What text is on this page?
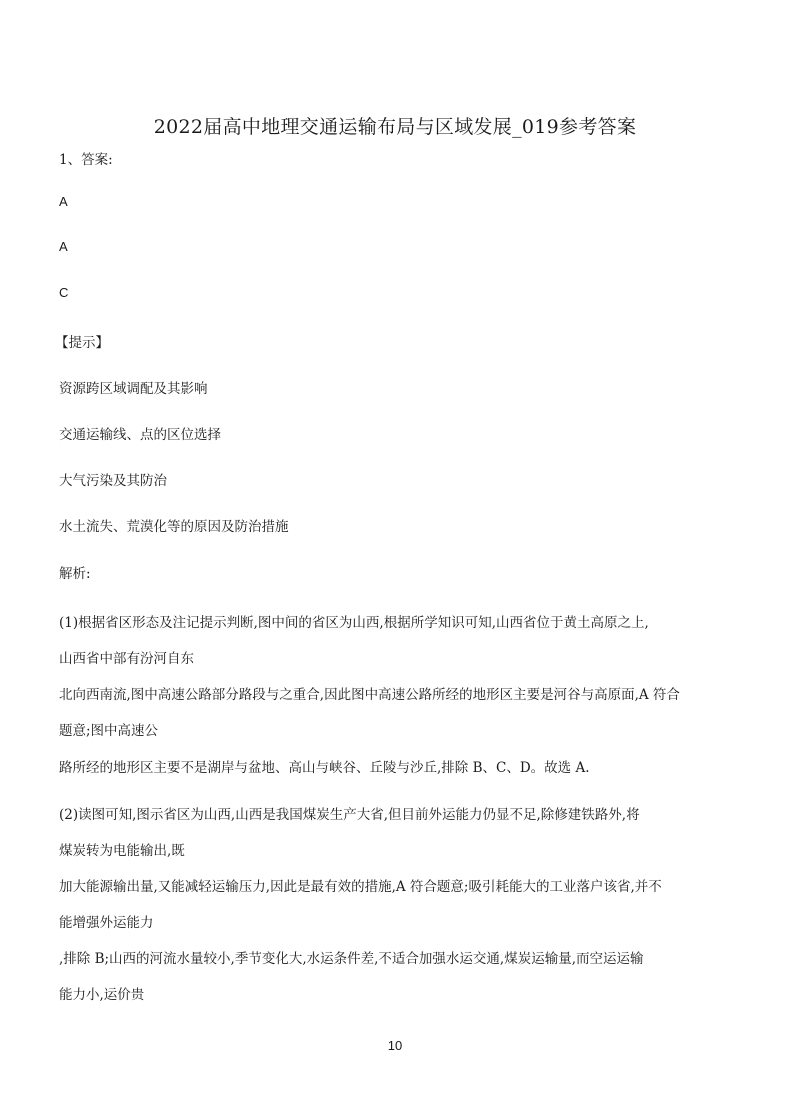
2022届高中地理交通运输布局与区域发展_019参考答案
1、答案:
A
A
C
【提示】
资源跨区域调配及其影响
交通运输线、点的区位选择
大气污染及其防治
水土流失、荒漠化等的原因及防治措施
解析:
(1)根据省区形态及注记提示判断,图中间的省区为山西,根据所学知识可知,山西省位于黄土高原之上,
山西省中部有汾河自东
北向西南流,图中高速公路部分路段与之重合,因此图中高速公路所经的地形区主要是河谷与高原面,A 符合
题意;图中高速公
路所经的地形区主要不是湖岸与盆地、高山与峡谷、丘陵与沙丘,排除 B、C、D。故选 A.
(2)读图可知,图示省区为山西,山西是我国煤炭生产大省,但目前外运能力仍显不足,除修建铁路外,将
煤炭转为电能输出,既
加大能源输出量,又能减轻运输压力,因此是最有效的措施,A 符合题意;吸引耗能大的工业落户该省,并不
能增强外运能力
,排除 B;山西的河流水量较小,季节变化大,水运条件差,不适合加强水运交通,煤炭运输量,而空运运输
能力小,运价贵
10
